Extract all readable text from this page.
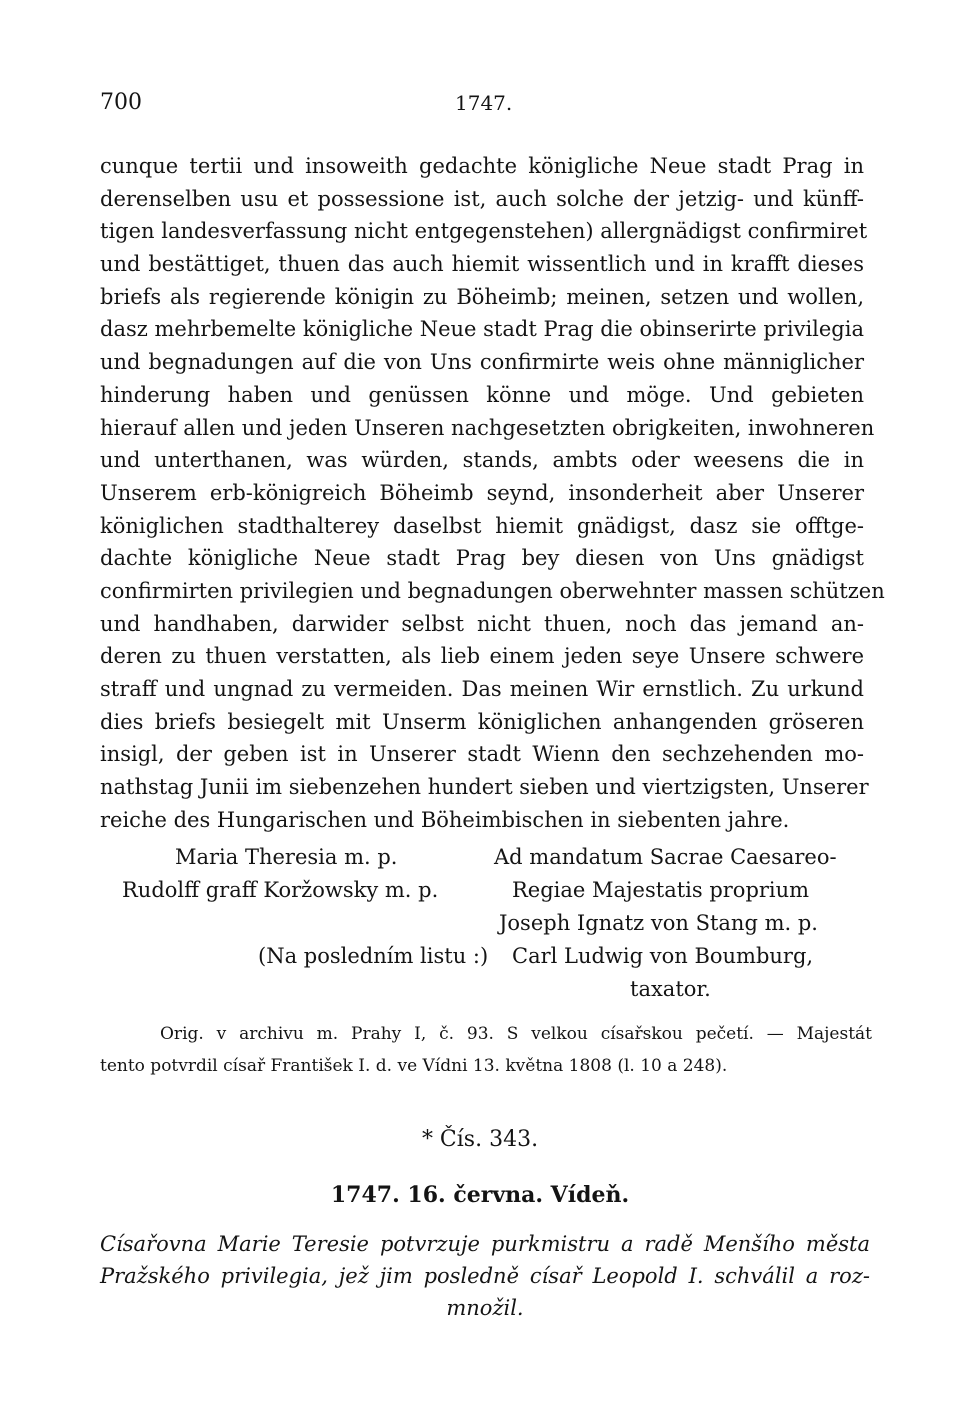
700	1747.
cunque tertii und insoweith gedachte königliche Neue stadt Prag in
derenselben usu et possessione ist, auch solche der jetzig- und künff-
tigen landesverfassung nicht entgegenstehen) allergnädigst confirmiret
und bestättiget, thuen das auch hiemit wissentlich und in krafft dieses
briefs als regierende königin zu Böheimb; meinen, setzen und wollen,
dasz mehrbemelte königliche Neue stadt Prag die obinserirte privilegia
und begnadungen auf die von Uns confirmirte weis ohne männiglicher
hinderung haben und genüssen könne und möge. Und gebieten
hierauf allen und jeden Unseren nachgesetzten obrigkeiten, inwohneren
und unterthanen, was würden, stands, ambts oder weesens die in
Unserem erb-königreich Böheimb seynd, insonderheit aber Unserer
königlichen stadthalterey daselbst hiemit gnädigst, dasz sie offtge-
dachte königliche Neue stadt Prag bey diesen von Uns gnädigst
confirmirten privilegien und begnadungen oberwehnter massen schützen
und handhaben, darwider selbst nicht thuen, noch das jemand an-
deren zu thuen verstatten, als lieb einem jeden seye Unsere schwere
straff und ungnad zu vermeiden. Das meinen Wir ernstlich. Zu urkund
dies briefs besiegelt mit Unserm königlichen anhangenden gröseren
insigl, der geben ist in Unserer stadt Wienn den sechzehenden mo-
nathstag Junii im siebenzehen hundert sieben und viertzigsten, Unserer
reiche des Hungarischen und Böheimbischen in siebenten jahre.
Maria Theresia m. p.	Ad mandatum Sacrae Caesareo-
Rudolff graff Koržowsky m. p.	Regiae Majestatis proprium
Joseph Ignatz von Stang m. p.
(Na posledním listu :) Carl Ludwig von Boumburg,
taxator.
Orig. v archivu m. Prahy I, č. 93. S velkou císařskou pečetí. — Majestát
tento potvrdil císař František I. d. ve Vídni 13. května 1808 (l. 10 a 248).
* Čís. 343.
1747. 16. června. Vídeň.
Císařovna Marie Teresie potvrzuje purkmistru a radě Menšího města
Pražského privilegia, jež jim posledně císař Leopold I. schválil a roz-
množil.
